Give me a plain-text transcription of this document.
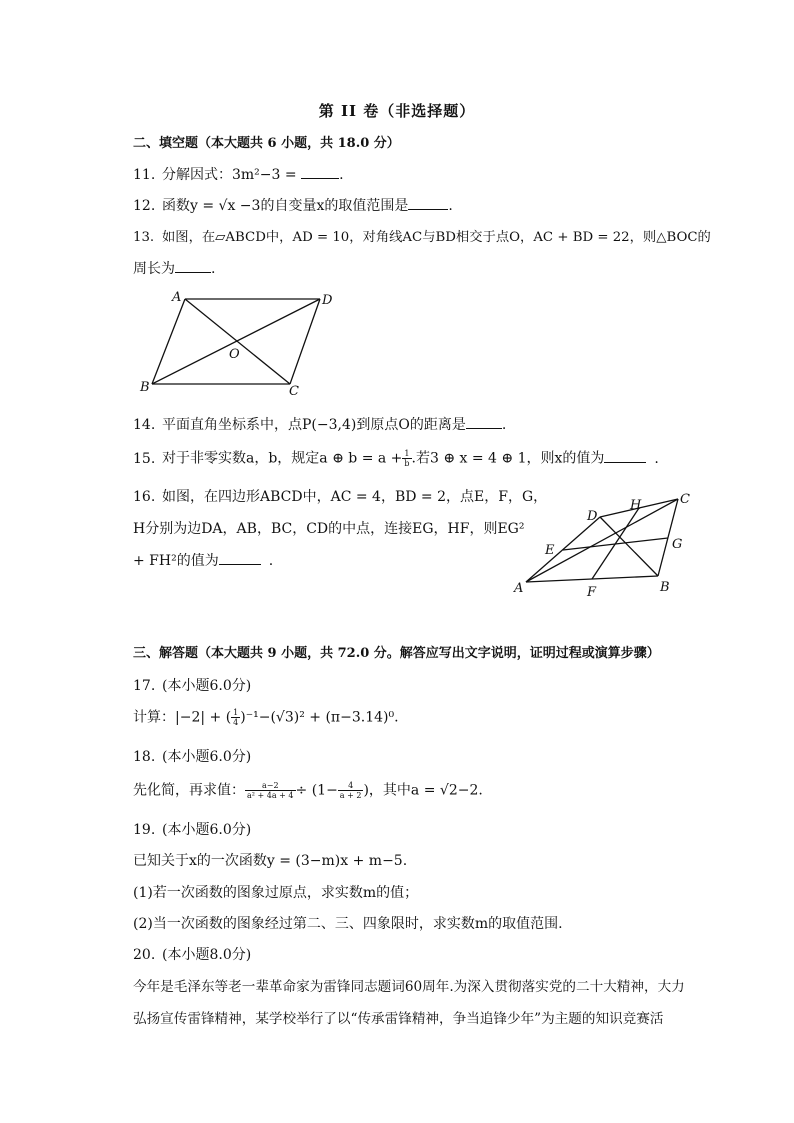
第 II 卷（非选择题）
二、填空题（本大题共 6 小题，共 18.0 分）
11. 分解因式：3m²−3 =	.
12. 函数y = √x −3的自变量x的取值范围是	.
13. 如图，在▱ABCD中，AD = 10，对角线AC与BD相交于点O，AC + BD = 22，则△BOC的
周长为	.
A	D
B	C
O
14. 平面直角坐标系中，点P(−3,4)到原点O的距离是	.
15. 对于非零实数a，b，规定a ⊕ $b = a + \frac{1}{b}$ .若3 ⊕ x = 4 ⊕ 1，则x的值为	.
16. 如图，在四边形ABCD中，AC = 4，BD = 2，点E，F，G，
H分别为边DA，AB，BC，CD的中点，连接EG，HF，则EG²
+ FH²的值为	.
A	B
C
D
E
F
G
H
三、解答题（本大题共 9 小题，共 72.0 分。解答应写出文字说明，证明过程或演算步骤）
17. (本小题6.0分)
计算：|−2| + ( $\frac{1}{4} )^{-1}-(√3)^2 + (\pi-3.14)^0$.
18. (本小题6.0分)
先化简，再求值： $\frac{a-2}{\text{a² + 4a + 4}} \div (1- \frac{4}{a + 2}$ )，其中a = √2−2.
19. (本小题6.0分)
已知关于x的一次函数y = (3−m)x + m−5.
(1)若一次函数的图象过原点，求实数m的值；
(2)当一次函数的图象经过第二、三、四象限时，求实数m的取值范围.
20. (本小题8.0分)
今年是毛泽东等老一辈革命家为雷锋同志题词60周年.为深入贯彻落实党的二十大精神，大力
弘扬宣传雷锋精神，某学校举行了以“传承雷锋精神，争当追锋少年”为主题的知识竞赛活
